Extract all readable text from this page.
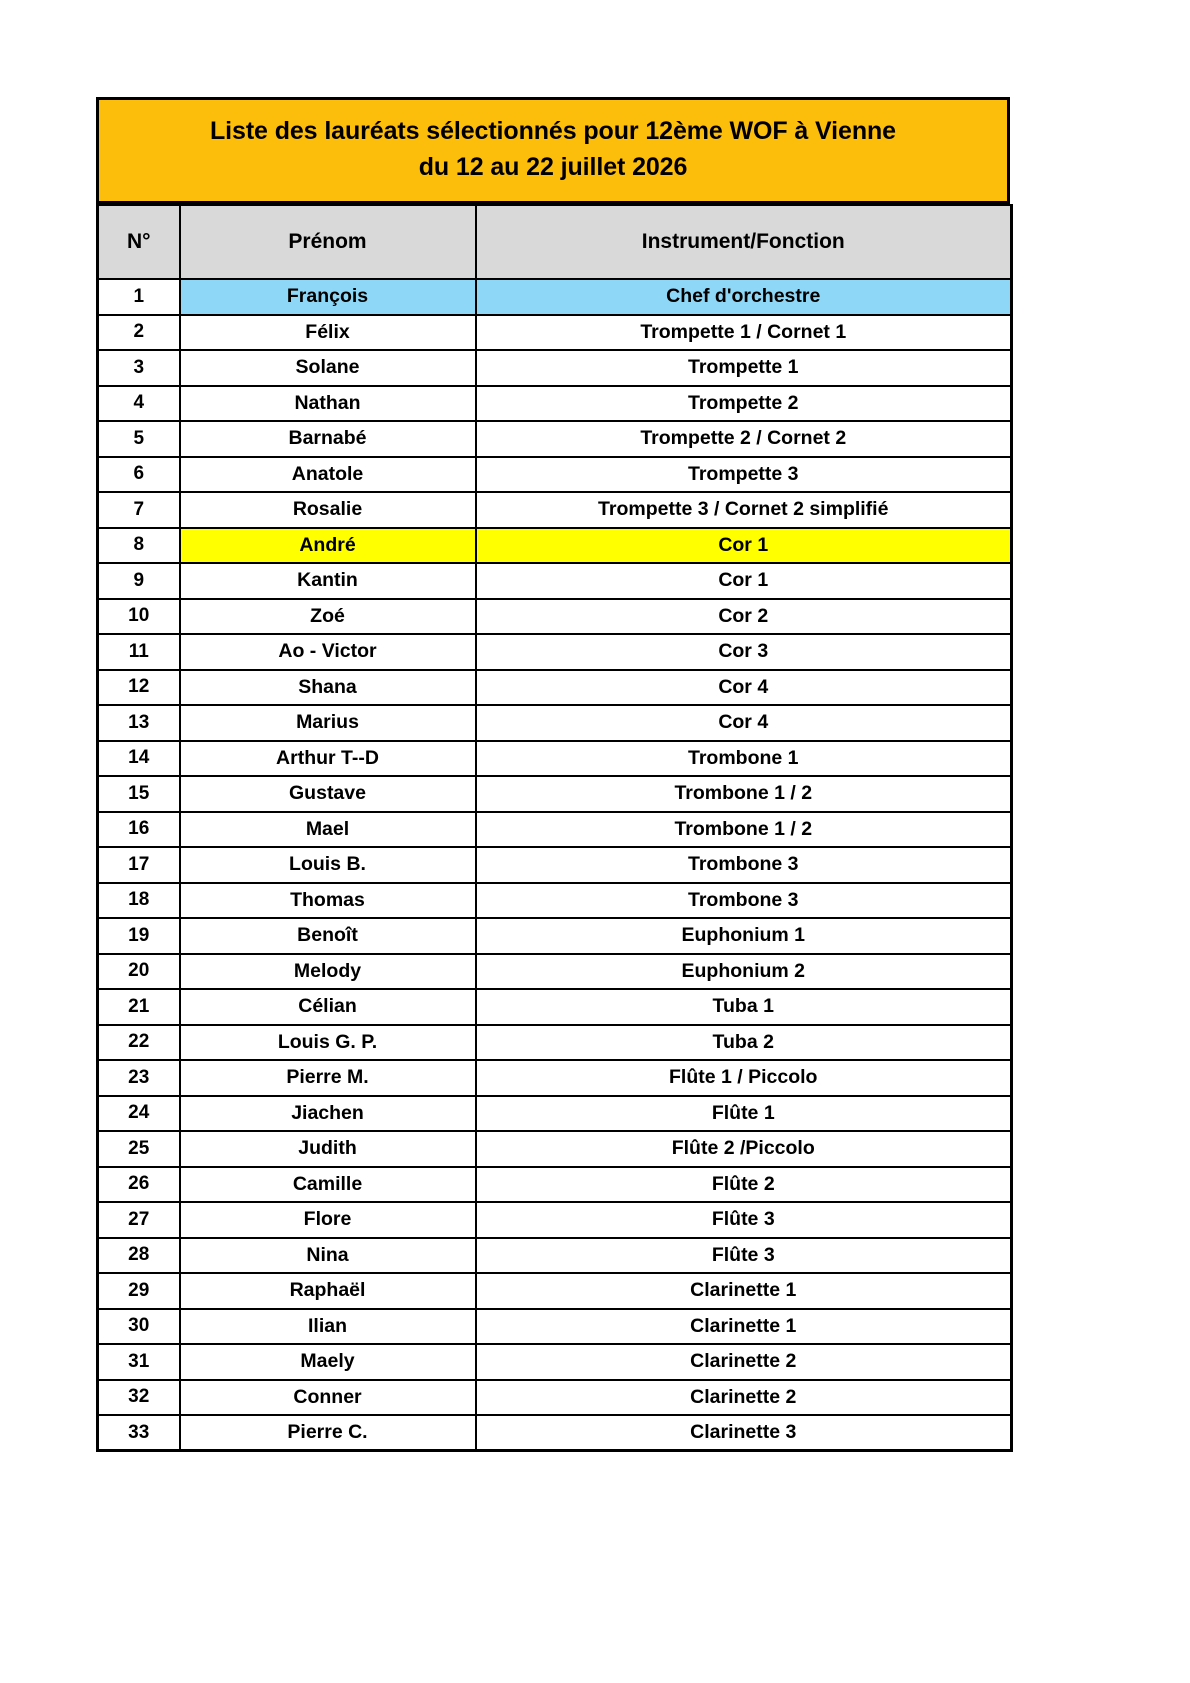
Liste des lauréats sélectionnés pour 12ème WOF à Vienne
du 12 au 22 juillet 2026
N°	Prénom	Instrument/Fonction
1	François	Chef d'orchestre
2	Félix	Trompette 1 / Cornet 1
3	Solane	Trompette 1
4	Nathan	Trompette 2
5	Barnabé	Trompette 2 / Cornet 2
6	Anatole	Trompette 3
7	Rosalie	Trompette 3 / Cornet 2 simplifié
8	André	Cor 1
9	Kantin	Cor 1
10	Zoé	Cor 2
11	Ao - Victor	Cor 3
12	Shana	Cor 4
13	Marius	Cor 4
14	Arthur T--D	Trombone 1
15	Gustave	Trombone 1 / 2
16	Mael	Trombone 1 / 2
17	Louis B.	Trombone 3
18	Thomas	Trombone 3
19	Benoît	Euphonium 1
20	Melody	Euphonium 2
21	Célian	Tuba 1
22	Louis G. P.	Tuba 2
23	Pierre M.	Flûte 1 / Piccolo
24	Jiachen	Flûte 1
25	Judith	Flûte 2 /Piccolo
26	Camille	Flûte 2
27	Flore	Flûte 3
28	Nina	Flûte 3
29	Raphaël	Clarinette 1
30	Ilian	Clarinette 1
31	Maely	Clarinette 2
32	Conner	Clarinette 2
33	Pierre C.	Clarinette 3
